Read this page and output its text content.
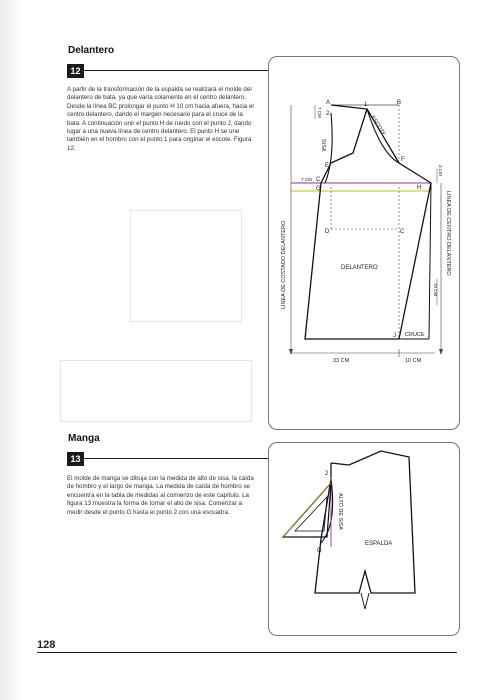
Delantero
12

A partir de la transformación de la espalda se realizará el molde del delantero de bata, ya que varía solamente en el centro delantero. Desde la línea BC prolongar el punto H 10 cm hacia afuera, hacia el centro delantero, dando el margen necesario para el cruce de la bata. A continuación unir el punto H de ruedo con el punto J, dando lugar a una nueva línea de centro delantero. El punto H se une también en el hombro con el punto 1 para originar el escote. Figura 12.

A	1	B
2
E
F
C
G	H
D	C
I	J
ESCOTE
SISA
7 CM
7 CM
3 CM
10 CM
DELANTERO
CRUCE
LINEA DE COSTADO DELANTERO	LINEA DE CENTRO DELANTERO
33 CM	10 CM
Manga
13

El molde de manga se dibuja con la medida de alto de sisa, la caída de hombro y el largo de manga. La medida de caída de hombro se encuentra en la tabla de medidas al comienzo de este capítulo. La figura 13 muestra la forma de tomar el alto de sisa. Comenzar a medir desde el punto G hasta el punto 2 con una escuadra.

2
G
ALTO DE SISA
ESPALDA
128
